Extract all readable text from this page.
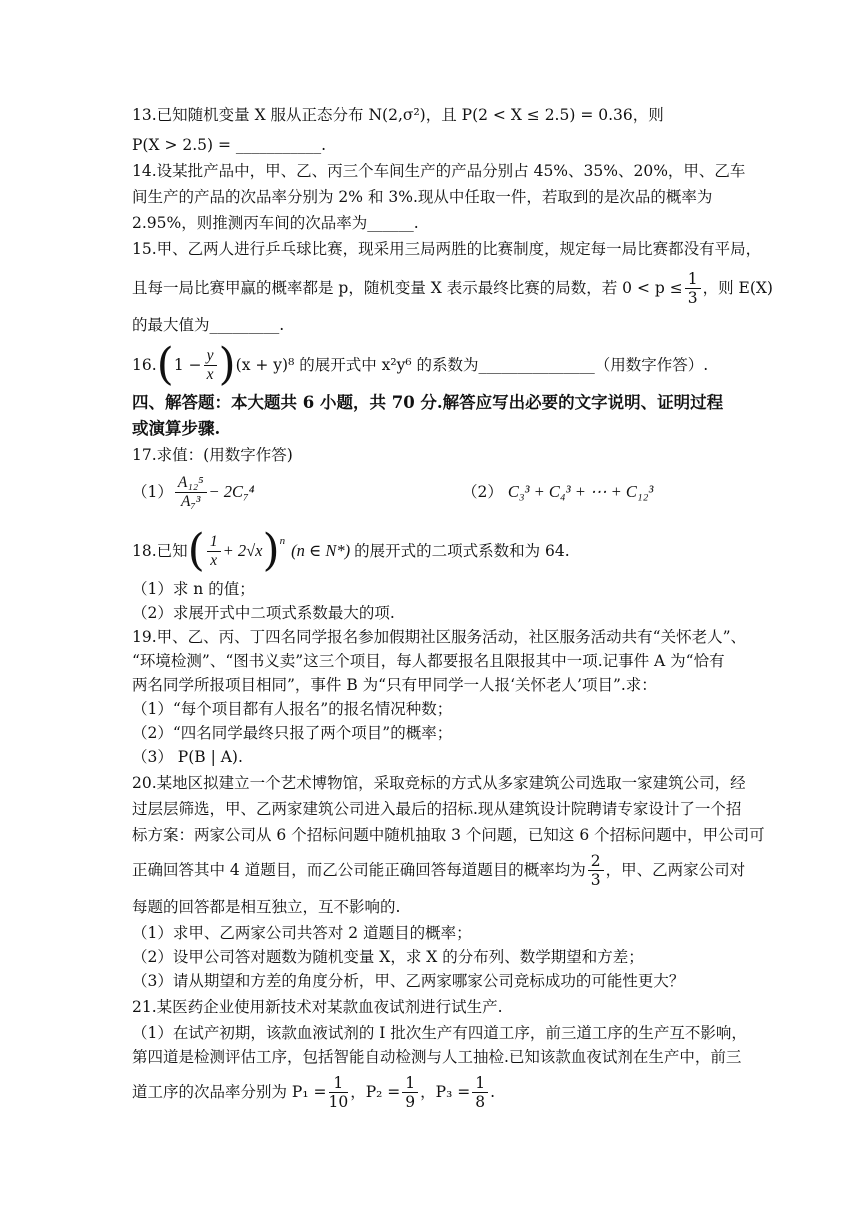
13.已知随机变量 X 服从正态分布 N(2,σ²)，且 P(2 < X ≤ 2.5) = 0.36，则
P(X > 2.5) = ___________.
14.设某批产品中，甲、乙、丙三个车间生产的产品分别占 45%、35%、20%，甲、乙车
间生产的产品的次品率分别为 2% 和 3%.现从中任取一件，若取到的是次品的概率为
2.95%，则推测丙车间的次品率为______.
15.甲、乙两人进行乒乓球比赛，现采用三局两胜的比赛制度，规定每一局比赛都没有平局，
且每一局比赛甲赢的概率都是 p，随机变量 X 表示最终比赛的局数，若 $0 < p \le \frac{1}{3}$ ，则 E(X)
的最大值为_________.
16. ( $1 - \frac{y}{x}$ ) (x + y)⁸ 的展开式中 x²y⁶ 的系数为_______________（用数字作答）.
四、解答题：本大题共 6 小题，共 70 分.解答应写出必要的文字说明、证明过程
或演算步骤.
17.求值：(用数字作答)
$(1) \frac{\text{A₁₂⁵}}{\text{A₇³}} - 2C_7^4$	（2） C₃³ + C₄³ + ⋯ + C₁₂³
18.已知 ( $\frac{1}{x} + 2√x$ ) n (n ∈ N*) 的展开式的二项式系数和为 64.
（1）求 n 的值；
（2）求展开式中二项式系数最大的项.
19.甲、乙、丙、丁四名同学报名参加假期社区服务活动，社区服务活动共有“关怀老人”、
“环境检测”、“图书义卖”这三个项目，每人都要报名且限报其中一项.记事件 A 为“恰有
两名同学所报项目相同”，事件 B 为“只有甲同学一人报‘关怀老人’项目”.求：
（1）“每个项目都有人报名”的报名情况种数；
（2）“四名同学最终只报了两个项目”的概率；
（3） P(B | A).
20.某地区拟建立一个艺术博物馆，采取竞标的方式从多家建筑公司选取一家建筑公司，经
过层层筛选，甲、乙两家建筑公司进入最后的招标.现从建筑设计院聘请专家设计了一个招
标方案：两家公司从 6 个招标问题中随机抽取 3 个问题，已知这 6 个招标问题中，甲公司可
正确回答其中 4 道题目，而乙公司能正确回答每道题目的概率均为 $\frac{2}{3}$ ，甲、乙两家公司对
每题的回答都是相互独立，互不影响的.
（1）求甲、乙两家公司共答对 2 道题目的概率；
（2）设甲公司答对题数为随机变量 X，求 X 的分布列、数学期望和方差；
（3）请从期望和方差的角度分析，甲、乙两家哪家公司竞标成功的可能性更大？
21.某医药企业使用新技术对某款血夜试剂进行试生产.
（1）在试产初期，该款血液试剂的 I 批次生产有四道工序，前三道工序的生产互不影响，
第四道是检测评估工序，包括智能自动检测与人工抽检.已知该款血夜试剂在生产中，前三
道工序的次品率分别为 $P_1 = \frac{1}{10}$ ，$P_2 = \frac{1}{9}$ ，$P_3 = \frac{1}{8}$ .
